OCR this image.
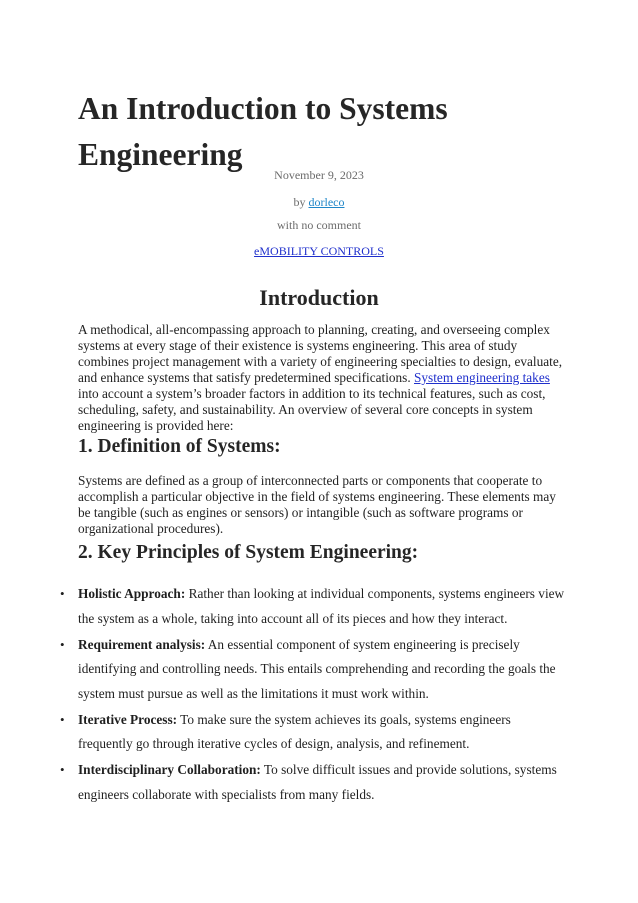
An Introduction to Systems Engineering

November 9, 2023

by dorleco

with no comment

eMOBILITY CONTROLS

Introduction

A methodical, all-encompassing approach to planning, creating, and overseeing complex systems at every stage of their existence is systems engineering. This area of study combines project management with a variety of engineering specialties to design, evaluate, and enhance systems that satisfy predetermined specifications. System engineering takes into account a system’s broader factors in addition to its technical features, such as cost, scheduling, safety, and sustainability. An overview of several core concepts in system engineering is provided here:

1. Definition of Systems:

Systems are defined as a group of interconnected parts or components that cooperate to accomplish a particular objective in the field of systems engineering. These elements may be tangible (such as engines or sensors) or intangible (such as software programs or organizational procedures).

2. Key Principles of System Engineering:
• Holistic Approach: Rather than looking at individual components, systems engineers view the system as a whole, taking into account all of its pieces and how they interact.
• Requirement analysis: An essential component of system engineering is precisely identifying and controlling needs. This entails comprehending and recording the goals the system must pursue as well as the limitations it must work within.
• Iterative Process: To make sure the system achieves its goals, systems engineers frequently go through iterative cycles of design, analysis, and refinement.
• Interdisciplinary Collaboration: To solve difficult issues and provide solutions, systems engineers collaborate with specialists from many fields.
